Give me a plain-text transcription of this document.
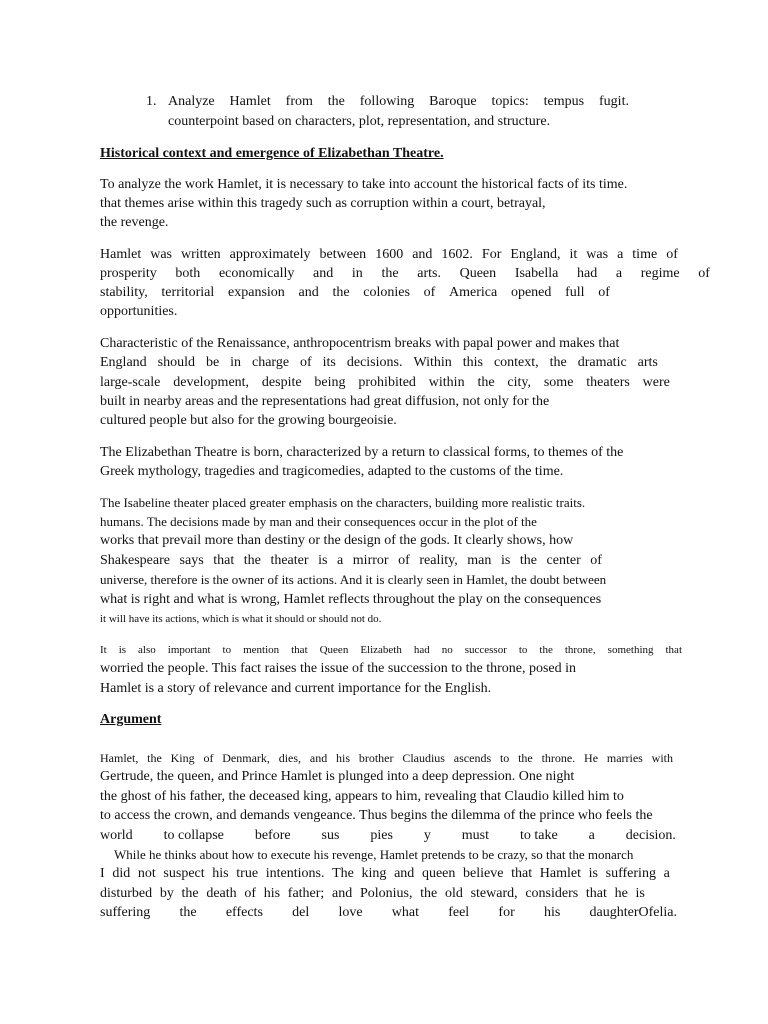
1. Analyze Hamlet from the following Baroque topics: tempus fugit.
counterpoint based on characters, plot, representation, and structure.
Historical context and emergence of Elizabethan Theatre.
To analyze the work Hamlet, it is necessary to take into account the historical facts of its time.
that themes arise within this tragedy such as corruption within a court, betrayal,
the revenge.
Hamlet was written approximately between 1600 and 1602. For England, it was a time of
prosperity both economically and in the arts. Queen Isabella had a regime of
stability, territorial expansion and the colonies of America opened full of
opportunities.
Characteristic of the Renaissance, anthropocentrism breaks with papal power and makes that
England should be in charge of its decisions. Within this context, the dramatic arts
large-scale development, despite being prohibited within the city, some theaters were
built in nearby areas and the representations had great diffusion, not only for the
cultured people but also for the growing bourgeoisie.
The Elizabethan Theatre is born, characterized by a return to classical forms, to themes of the
Greek mythology, tragedies and tragicomedies, adapted to the customs of the time.
The Isabeline theater placed greater emphasis on the characters, building more realistic traits.
humans. The decisions made by man and their consequences occur in the plot of the
works that prevail more than destiny or the design of the gods. It clearly shows, how
Shakespeare says that the theater is a mirror of reality, man is the center of
universe, therefore is the owner of its actions. And it is clearly seen in Hamlet, the doubt between
what is right and what is wrong, Hamlet reflects throughout the play on the consequences
it will have its actions, which is what it should or should not do.
It is also important to mention that Queen Elizabeth had no successor to the throne, something that
worried the people. This fact raises the issue of the succession to the throne, posed in
Hamlet is a story of relevance and current importance for the English.
Argument
Hamlet, the King of Denmark, dies, and his brother Claudius ascends to the throne. He marries with
Gertrude, the queen, and Prince Hamlet is plunged into a deep depression. One night
the ghost of his father, the deceased king, appears to him, revealing that Claudio killed him to
to access the crown, and demands vengeance. Thus begins the dilemma of the prince who feels the
world to collapse before sus pies y must to take a decision.
While he thinks about how to execute his revenge, Hamlet pretends to be crazy, so that the monarch
I did not suspect his true intentions. The king and queen believe that Hamlet is suffering a
disturbed by the death of his father; and Polonius, the old steward, considers that he is
suffering the effects del love what feel for his daughterOfelia.
